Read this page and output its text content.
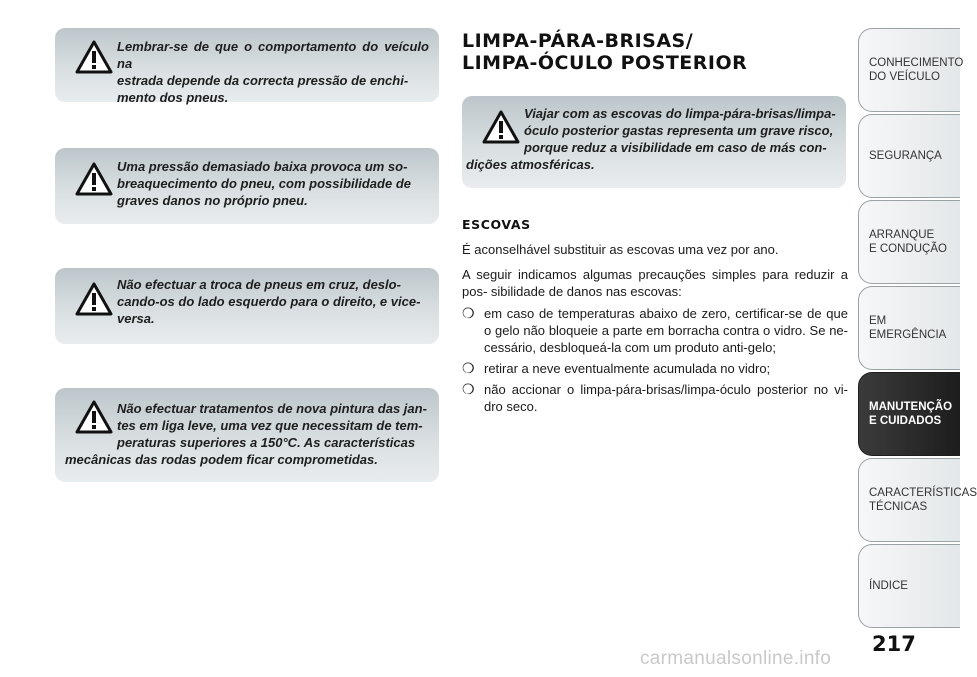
Lembrar-se de que o comportamento do veículo na
estrada depende da correcta pressão de enchi-
mento dos pneus.
Uma pressão demasiado baixa provoca um so-
breaquecimento do pneu, com possibilidade de
graves danos no próprio pneu.
Não efectuar a troca de pneus em cruz, deslo-
cando-os do lado esquerdo para o direito, e vice-
versa.
Não efectuar tratamentos de nova pintura das jan-
tes em liga leve, uma vez que necessitam de tem-
peraturas superiores a 150°C. As características
mecânicas das rodas podem ficar comprometidas.
LIMPA-PÁRA-BRISAS/
LIMPA-ÓCULO POSTERIOR
Viajar com as escovas do limpa-pára-brisas/limpa-
óculo posterior gastas representa um grave risco,
porque reduz a visibilidade em caso de más con-
dições atmosféricas.
ESCOVAS
É aconselhável substituir as escovas uma vez por ano.
A seguir indicamos algumas precauções simples para reduzir a pos- sibilidade de danos nas escovas:
❍ em caso de temperaturas abaixo de zero, certificar-se de que o gelo não bloqueie a parte em borracha contra o vidro. Se ne- cessário, desbloqueá-la com um produto anti-gelo;
❍ retirar a neve eventualmente acumulada no vidro;
❍ não accionar o limpa-pára-brisas/limpa-óculo posterior no vi- dro seco.
CONHECIMENTO
DO VEÍCULO
SEGURANÇA
ARRANQUE
E CONDUÇÃO
EM EMERGÊNCIA
MANUTENÇÃO
E CUIDADOS
CARACTERÍSTICAS
TÉCNICAS
ÍNDICE
217
carmanualsonline.info
